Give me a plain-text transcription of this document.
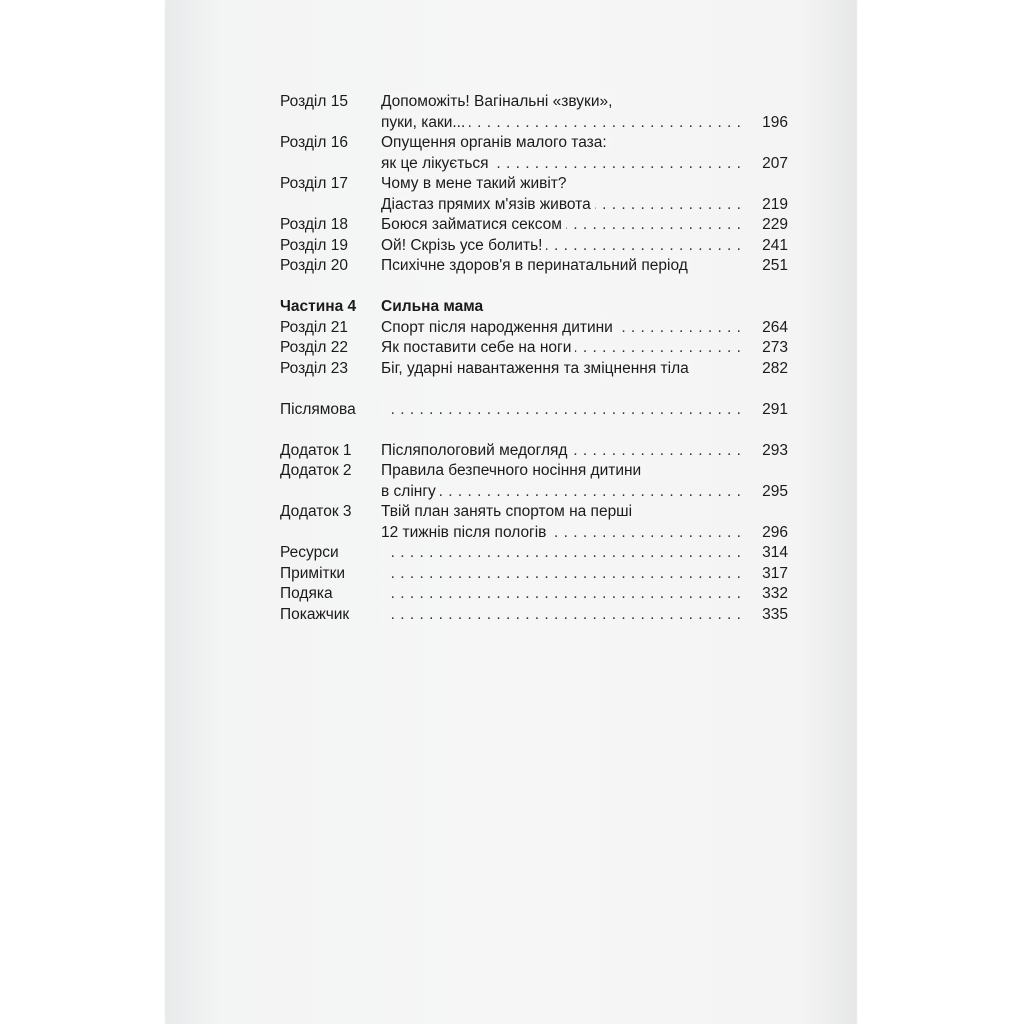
Розділ 15 Допоможіть! Вагінальні «звуки»,
пуки, каки... . . .	196
Розділ 16 Опущення органів малого таза:
як це лікується . . .	207
Розділ 17 Чому в мене такий живіт?
Діастаз прямих м'язів живота . . .	219
Розділ 18 Боюся займатися сексом . . .	229
Розділ 19 Ой! Скрізь усе болить! . . .	241
Розділ 20 Психічне здоров'я в перинатальний період	251
Частина 4 Сильна мама
Розділ 21 Спорт після народження дитини . . .	264
Розділ 22 Як поставити себе на ноги . . .	273
Розділ 23 Біг, ударні навантаження та зміцнення тіла	282
Післямова . . .	291
Додаток 1 Післяпологовий медогляд . . .	293
Додаток 2 Правила безпечного носіння дитини
в слінгу . . .	295
Додаток 3 Твій план занять спортом на перші
12 тижнів після пологів . . .	296
Ресурси . . .	314
Примітки . . .	317
Подяка . . .	332
Покажчик . . .	335
